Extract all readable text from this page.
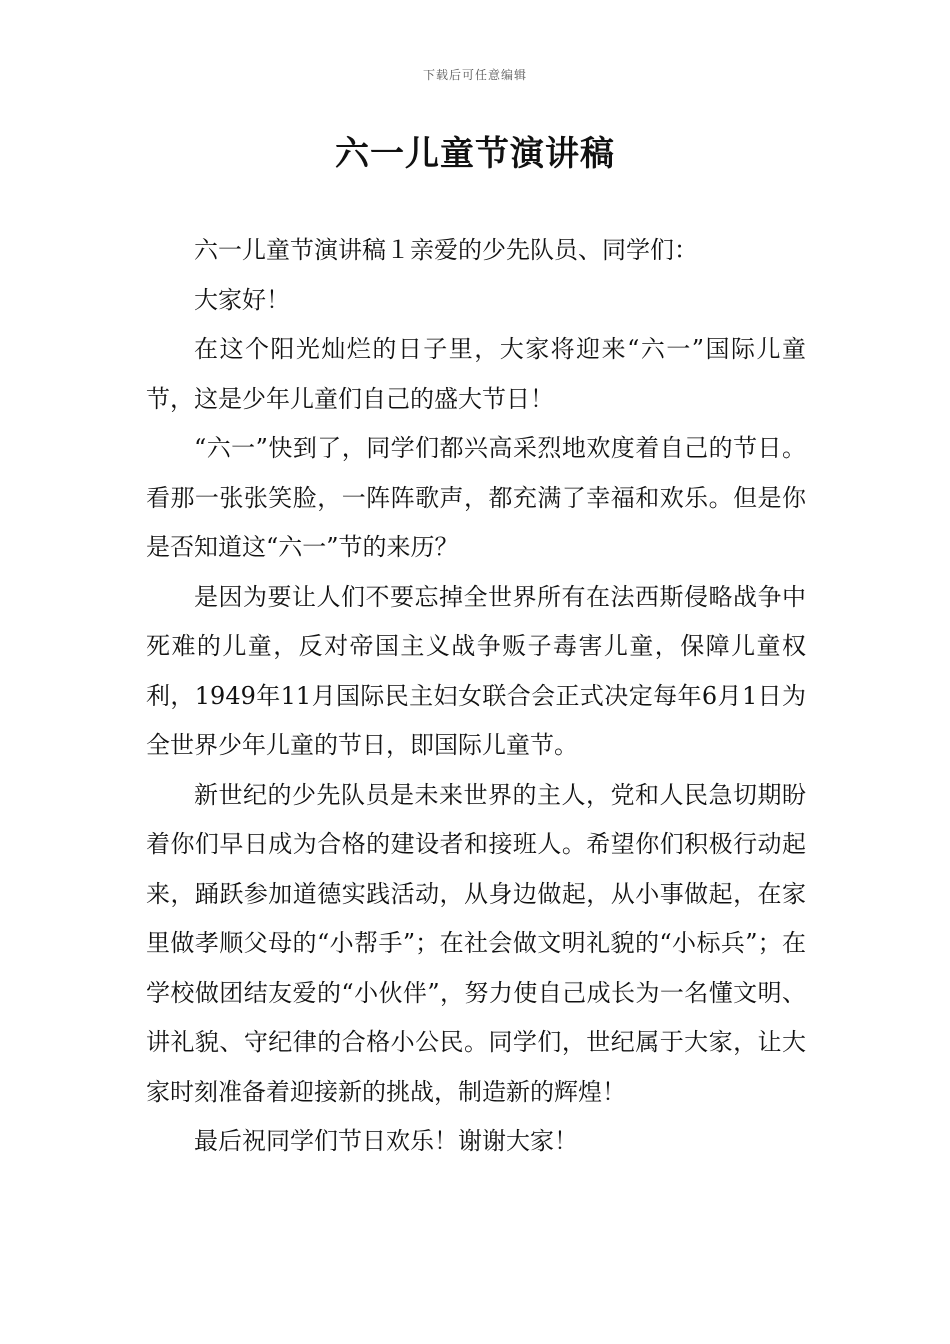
下载后可任意编辑
六一儿童节演讲稿

六一儿童节演讲稿１亲爱的少先队员、同学们：

大家好！

在这个阳光灿烂的日子里，大家将迎来“六一”国际儿童节，这是少年儿童们自己的盛大节日！

“六一”快到了，同学们都兴高采烈地欢度着自己的节日。看那一张张笑脸，一阵阵歌声，都充满了幸福和欢乐。但是你是否知道这“六一”节的来历？

是因为要让人们不要忘掉全世界所有在法西斯侵略战争中死难的儿童，反对帝国主义战争贩子毒害儿童，保障儿童权利，1949年11月国际民主妇女联合会正式决定每年6月1日为全世界少年儿童的节日，即国际儿童节。

新世纪的少先队员是未来世界的主人，党和人民急切期盼着你们早日成为合格的建设者和接班人。希望你们积极行动起来，踊跃参加道德实践活动，从身边做起，从小事做起，在家里做孝顺父母的“小帮手”；在社会做文明礼貌的“小标兵”；在学校做团结友爱的“小伙伴”，努力使自己成长为一名懂文明、讲礼貌、守纪律的合格小公民。同学们，世纪属于大家，让大家时刻准备着迎接新的挑战，制造新的辉煌！

最后祝同学们节日欢乐！谢谢大家！
